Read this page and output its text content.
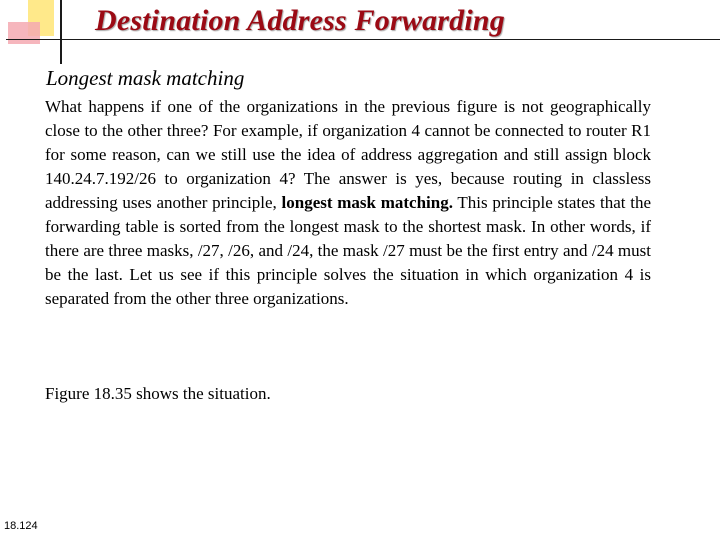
Destination Address Forwarding
Longest mask matching

What happens if one of the organizations in the previous figure is not geographically close to the other three? For example, if organization 4 cannot be connected to router R1 for some reason, can we still use the idea of address aggregation and still assign block 140.24.7.192/26 to organization 4? The answer is yes, because routing in classless addressing uses another principle, longest mask matching. This principle states that the forwarding table is sorted from the longest mask to the shortest mask. In other words, if there are three masks, /27, /26, and /24, the mask /27 must be the first entry and /24 must be the last. Let us see if this principle solves the situation in which organization 4 is separated from the other three organizations.

Figure 18.35 shows the situation.
18.124
